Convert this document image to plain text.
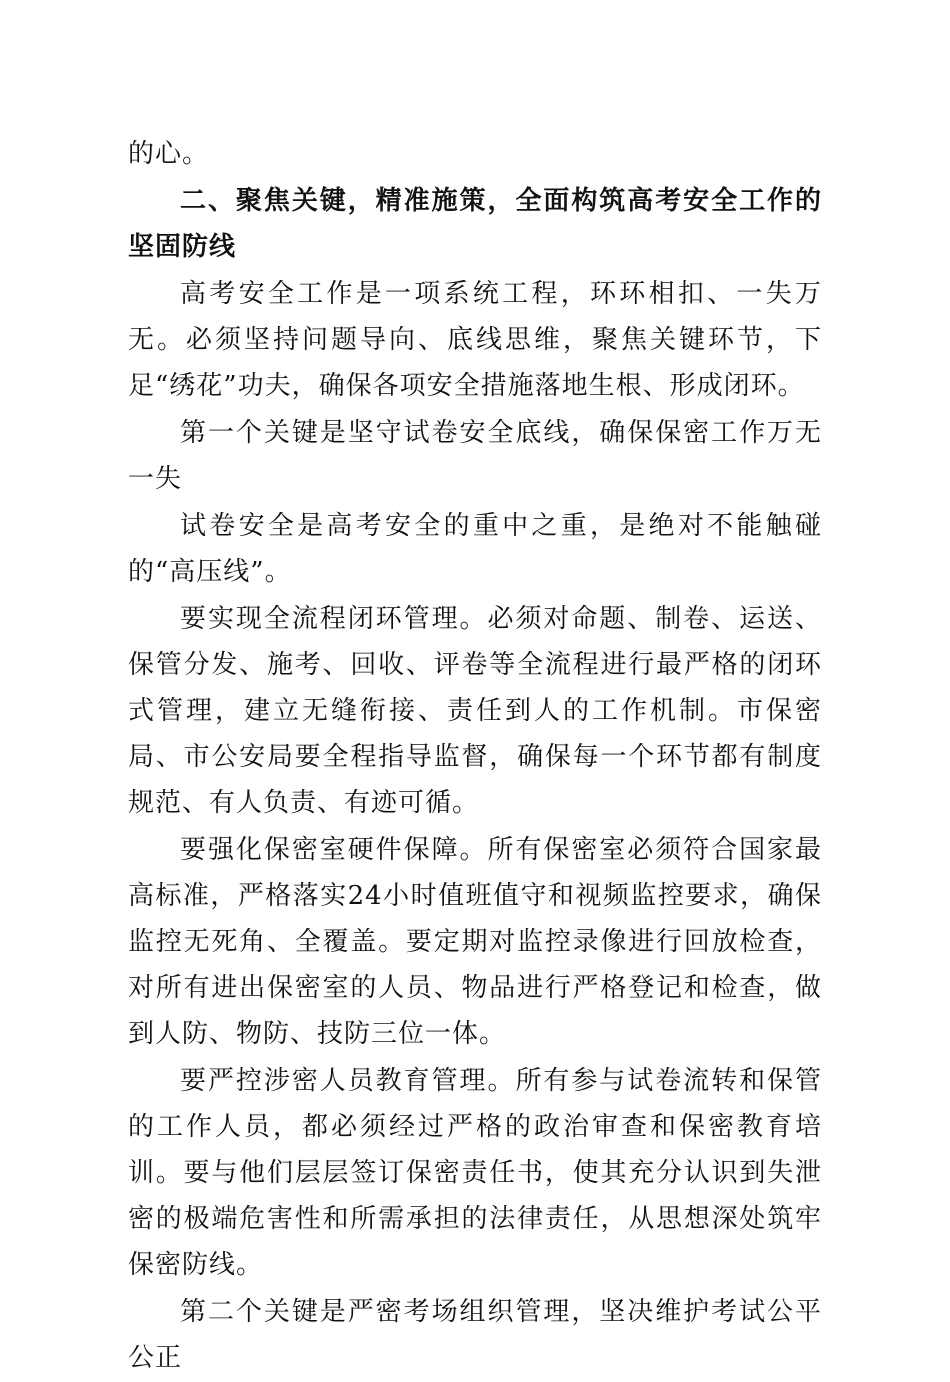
的心。

二、聚焦关键，精准施策，全面构筑高考安全工作的坚固防线

高考安全工作是一项系统工程，环环相扣、一失万无。必须坚持问题导向、底线思维，聚焦关键环节，下足“绣花”功夫，确保各项安全措施落地生根、形成闭环。

第一个关键是坚守试卷安全底线，确保保密工作万无一失

试卷安全是高考安全的重中之重，是绝对不能触碰的“高压线”。

要实现全流程闭环管理。必须对命题、制卷、运送、保管分发、施考、回收、评卷等全流程进行最严格的闭环式管理，建立无缝衔接、责任到人的工作机制。市保密局、市公安局要全程指导监督，确保每一个环节都有制度规范、有人负责、有迹可循。

要强化保密室硬件保障。所有保密室必须符合国家最高标准，严格落实24小时值班值守和视频监控要求，确保监控无死角、全覆盖。要定期对监控录像进行回放检查，对所有进出保密室的人员、物品进行严格登记和检查，做到人防、物防、技防三位一体。

要严控涉密人员教育管理。所有参与试卷流转和保管的工作人员，都必须经过严格的政治审查和保密教育培训。要与他们层层签订保密责任书，使其充分认识到失泄密的极端危害性和所需承担的法律责任，从思想深处筑牢保密防线。

第二个关键是严密考场组织管理，坚决维护考试公平公正
